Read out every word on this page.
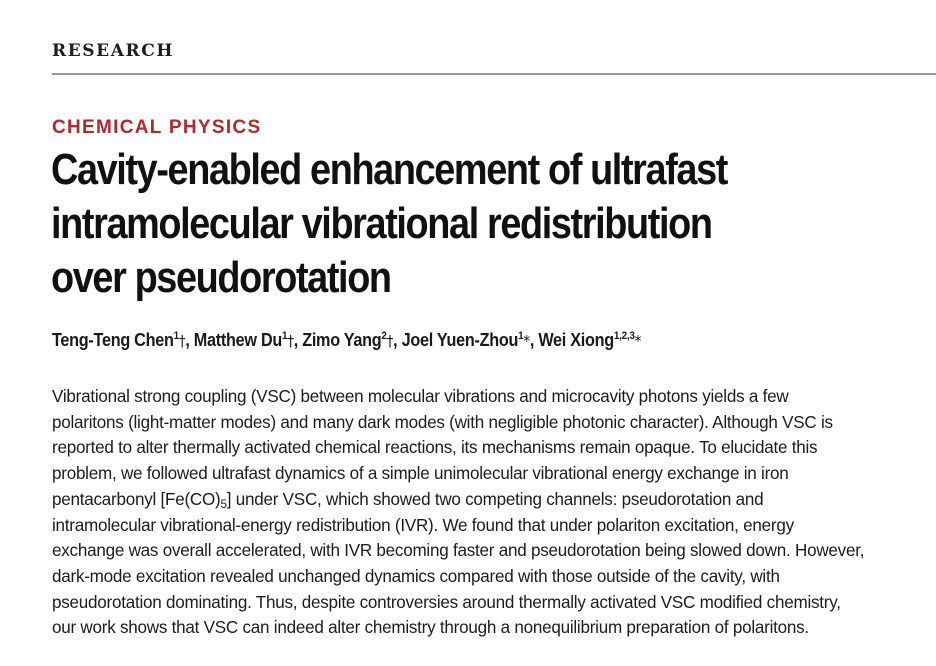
RESEARCH
CHEMICAL PHYSICS
Cavity-enabled enhancement of ultrafast
intramolecular vibrational redistribution
over pseudorotation
Teng-Teng Chen$^1$†, Matthew Du$^1$†, Zimo Yang$^2$†, Joel Yuen-Zhou$^1$*, Wei Xiong$^{1,2,3}$*
Vibrational strong coupling (VSC) between molecular vibrations and microcavity photons yields a few
polaritons (light-matter modes) and many dark modes (with negligible photonic character). Although VSC is
reported to alter thermally activated chemical reactions, its mechanisms remain opaque. To elucidate this
problem, we followed ultrafast dynamics of a simple unimolecular vibrational energy exchange in iron
pentacarbonyl $[Fe(CO)_5]$ under VSC, which showed two competing channels: pseudorotation and
intramolecular vibrational-energy redistribution (IVR). We found that under polariton excitation, energy
exchange was overall accelerated, with IVR becoming faster and pseudorotation being slowed down. However,
dark-mode excitation revealed unchanged dynamics compared with those outside of the cavity, with
pseudorotation dominating. Thus, despite controversies around thermally activated VSC modified chemistry,
our work shows that VSC can indeed alter chemistry through a nonequilibrium preparation of polaritons.
